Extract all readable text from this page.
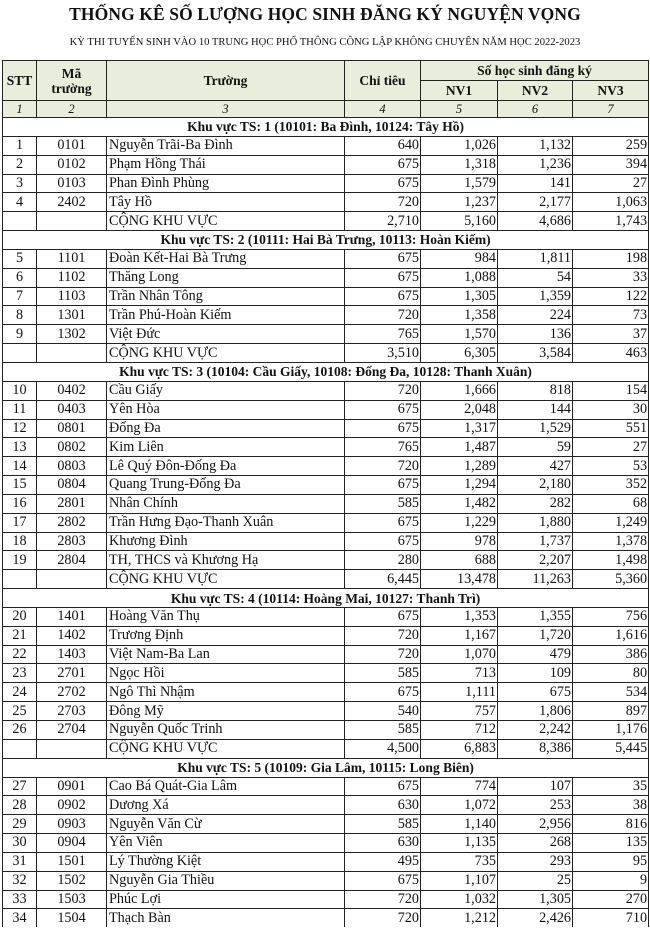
THỐNG KÊ SỐ LƯỢNG HỌC SINH ĐĂNG KÝ NGUYỆN VỌNG
KỲ THI TUYỂN SINH VÀO 10 TRUNG HỌC PHỔ THÔNG CÔNG LẬP KHÔNG CHUYÊN NĂM HỌC 2022-2023
STT	Mã trường	Trường	Chỉ tiêu	Số học sinh đăng ký		
				NV1	NV2	NV3
1	2	3	4	5	6	7
Khu vực TS: 1 (10101: Ba Đình, 10124: Tây Hồ)						
1	0101	Nguyễn Trãi-Ba Đình	640	1,026	1,132	259
2	0102	Phạm Hồng Thái	675	1,318	1,236	394
3	0103	Phan Đình Phùng	675	1,579	141	27
4	2402	Tây Hồ	720	1,237	2,177	1,063
		CỘNG KHU VỰC	2,710	5,160	4,686	1,743
Khu vực TS: 2 (10111: Hai Bà Trưng, 10113: Hoàn Kiếm)						
5	1101	Đoàn Kết-Hai Bà Trưng	675	984	1,811	198
6	1102	Thăng Long	675	1,088	54	33
7	1103	Trần Nhân Tông	675	1,305	1,359	122
8	1301	Trần Phú-Hoàn Kiếm	720	1,358	224	73
9	1302	Việt Đức	765	1,570	136	37
		CỘNG KHU VỰC	3,510	6,305	3,584	463
Khu vực TS: 3 (10104: Cầu Giấy, 10108: Đống Đa, 10128: Thanh Xuân)						
10	0402	Cầu Giấy	720	1,666	818	154
11	0403	Yên Hòa	675	2,048	144	30
12	0801	Đống Đa	675	1,317	1,529	551
13	0802	Kim Liên	765	1,487	59	27
14	0803	Lê Quý Đôn-Đống Đa	720	1,289	427	53
15	0804	Quang Trung-Đống Đa	675	1,294	2,180	352
16	2801	Nhân Chính	585	1,482	282	68
17	2802	Trần Hưng Đạo-Thanh Xuân	675	1,229	1,880	1,249
18	2803	Khương Đình	675	978	1,737	1,378
19	2804	TH, THCS và Khương Hạ	280	688	2,207	1,498
		CỘNG KHU VỰC	6,445	13,478	11,263	5,360
Khu vực TS: 4 (10114: Hoàng Mai, 10127: Thanh Trì)						
20	1401	Hoàng Văn Thụ	675	1,353	1,355	756
21	1402	Trương Định	720	1,167	1,720	1,616
22	1403	Việt Nam-Ba Lan	720	1,070	479	386
23	2701	Ngọc Hồi	585	713	109	80
24	2702	Ngô Thì Nhậm	675	1,111	675	534
25	2703	Đông Mỹ	540	757	1,806	897
26	2704	Nguyễn Quốc Trinh	585	712	2,242	1,176
		CỘNG KHU VỰC	4,500	6,883	8,386	5,445
Khu vực TS: 5 (10109: Gia Lâm, 10115: Long Biên)						
27	0901	Cao Bá Quát-Gia Lâm	675	774	107	35
28	0902	Dương Xá	630	1,072	253	38
29	0903	Nguyễn Văn Cừ	585	1,140	2,956	816
30	0904	Yên Viên	630	1,135	268	135
31	1501	Lý Thường Kiệt	495	735	293	95
32	1502	Nguyễn Gia Thiều	675	1,107	25	9
33	1503	Phúc Lợi	720	1,032	1,305	270
34	1504	Thạch Bàn	720	1,212	2,426	710
